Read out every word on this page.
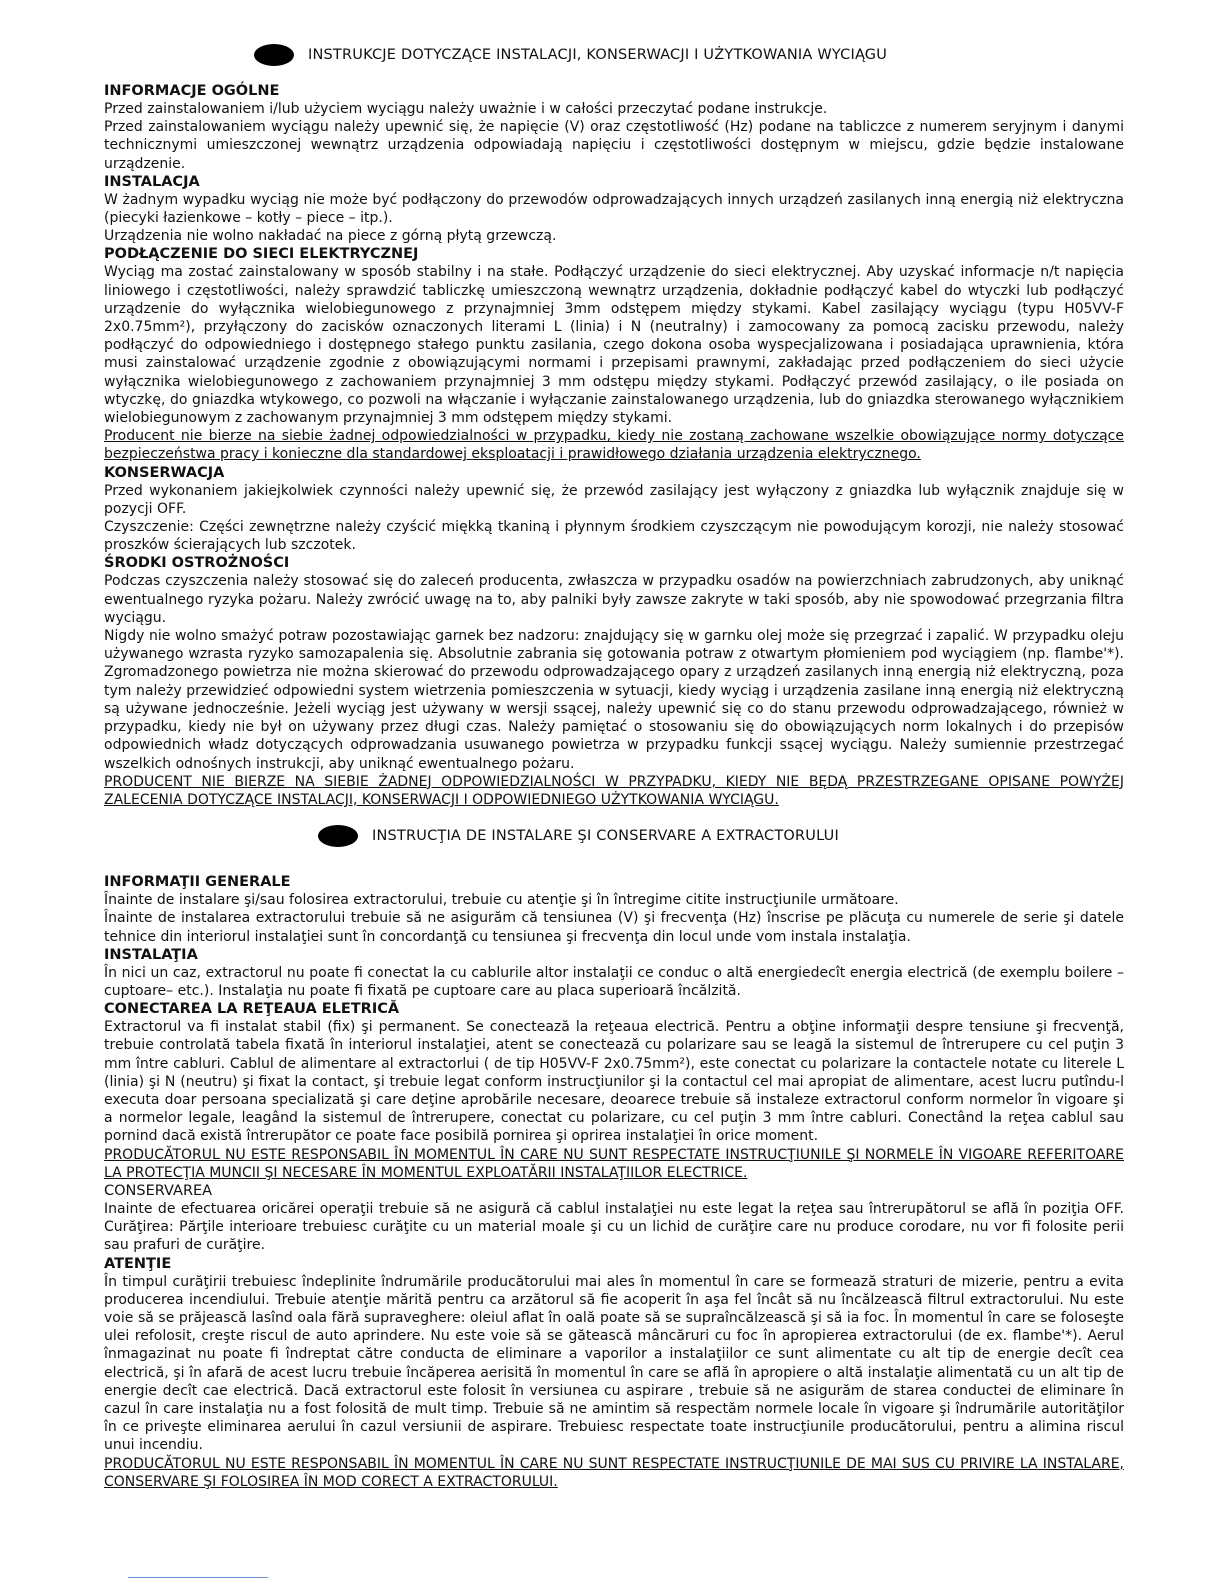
INSTRUKCJE DOTYCZĄCE INSTALACJI, KONSERWACJI I UŻYTKOWANIA WYCIĄGU
INFORMACJE OGÓLNE

Przed zainstalowaniem i/lub użyciem wyciągu należy uważnie i w całości przeczytać podane instrukcje.

Przed zainstalowaniem wyciągu należy upewnić się, że napięcie (V) oraz częstotliwość (Hz) podane na tabliczce z numerem seryjnym i danymi technicznymi umieszczonej wewnątrz urządzenia odpowiadają napięciu i częstotliwości dostępnym w miejscu, gdzie będzie instalowane urządzenie.

INSTALACJA

W żadnym wypadku wyciąg nie może być podłączony do przewodów odprowadzających innych urządzeń zasilanych inną energią niż elektryczna (piecyki łazienkowe – kotły – piece – itp.).

Urządzenia nie wolno nakładać na piece z górną płytą grzewczą.

PODŁĄCZENIE DO SIECI ELEKTRYCZNEJ

Wyciąg ma zostać zainstalowany w sposób stabilny i na stałe. Podłączyć urządzenie do sieci elektrycznej. Aby uzyskać informacje n/t napięcia liniowego i częstotliwości, należy sprawdzić tabliczkę umieszczoną wewnątrz urządzenia, dokładnie podłączyć kabel do wtyczki lub podłączyć urządzenie do wyłącznika wielobiegunowego z przynajmniej 3mm odstępem między stykami. Kabel zasilający wyciągu (typu H05VV-F 2x0.75mm²), przyłączony do zacisków oznaczonych literami L (linia) i N (neutralny) i zamocowany za pomocą zacisku przewodu, należy podłączyć do odpowiedniego i dostępnego stałego punktu zasilania, czego dokona osoba wyspecjalizowana i posiadająca uprawnienia, która musi zainstalować urządzenie zgodnie z obowiązującymi normami i przepisami prawnymi, zakładając przed podłączeniem do sieci użycie wyłącznika wielobiegunowego z zachowaniem przynajmniej 3 mm odstępu między stykami. Podłączyć przewód zasilający, o ile posiada on wtyczkę, do gniazdka wtykowego, co pozwoli na włączanie i wyłączanie zainstalowanego urządzenia, lub do gniazdka sterowanego wyłącznikiem wielobiegunowym z zachowanym przynajmniej 3 mm odstępem między stykami.

Producent nie bierze na siebie żadnej odpowiedzialności w przypadku, kiedy nie zostaną zachowane wszelkie obowiązujące normy dotyczące bezpieczeństwa pracy i konieczne dla standardowej eksploatacji i prawidłowego działania urządzenia elektrycznego.

KONSERWACJA

Przed wykonaniem jakiejkolwiek czynności należy upewnić się, że przewód zasilający jest wyłączony z gniazdka lub wyłącznik znajduje się w pozycji OFF.

Czyszczenie: Części zewnętrzne należy czyścić miękką tkaniną i płynnym środkiem czyszczącym nie powodującym korozji, nie należy stosować proszków ścierających lub szczotek.

ŚRODKI OSTROŻNOŚCI

Podczas czyszczenia należy stosować się do zaleceń producenta, zwłaszcza w przypadku osadów na powierzchniach zabrudzonych, aby uniknąć ewentualnego ryzyka pożaru. Należy zwrócić uwagę na to, aby palniki były zawsze zakryte w taki sposób, aby nie spowodować przegrzania filtra wyciągu.

Nigdy nie wolno smażyć potraw pozostawiając garnek bez nadzoru: znajdujący się w garnku olej może się przegrzać i zapalić. W przypadku oleju używanego wzrasta ryzyko samozapalenia się. Absolutnie zabrania się gotowania potraw z otwartym płomieniem pod wyciągiem (np. flambe'*). Zgromadzonego powietrza nie można skierować do przewodu odprowadzającego opary z urządzeń zasilanych inną energią niż elektryczną, poza tym należy przewidzieć odpowiedni system wietrzenia pomieszczenia w sytuacji, kiedy wyciąg i urządzenia zasilane inną energią niż elektryczną są używane jednocześnie. Jeżeli wyciąg jest używany w wersji ssącej, należy upewnić się co do stanu przewodu odprowadzającego, również w przypadku, kiedy nie był on używany przez długi czas. Należy pamiętać o stosowaniu się do obowiązujących norm lokalnych i do przepisów odpowiednich władz dotyczących odprowadzania usuwanego powietrza w przypadku funkcji ssącej wyciągu. Należy sumiennie przestrzegać wszelkich odnośnych instrukcji, aby uniknąć ewentualnego pożaru.

PRODUCENT NIE BIERZE NA SIEBIE ŻADNEJ ODPOWIEDZIALNOŚCI W PRZYPADKU, KIEDY NIE BĘDĄ PRZESTRZEGANE OPISANE POWYŻEJ ZALECENIA DOTYCZĄCE INSTALACJI, KONSERWACJI I ODPOWIEDNIEGO UŻYTKOWANIA WYCIĄGU.

INSTRUCŢIA DE INSTALARE ŞI CONSERVARE A EXTRACTORULUI
INFORMAŢII GENERALE

Înainte de instalare şi/sau folosirea extractorului, trebuie cu atenţie şi în întregime citite instrucţiunile următoare.

Înainte de instalarea extractorului trebuie să ne asigurăm că tensiunea (V) şi frecvenţa (Hz) înscrise pe plăcuţa cu numerele de serie şi datele tehnice din interiorul instalaţiei sunt în concordanţă cu tensiunea şi frecvenţa din locul unde vom instala instalaţia.

INSTALAŢIA

În nici un caz, extractorul nu poate fi conectat la cu cablurile altor instalaţii ce conduc o altă energiedecît energia electrică (de exemplu boilere – cuptoare– etc.). Instalaţia nu poate fi fixată pe cuptoare care au placa superioară încălzită.

CONECTAREA LA REŢEAUA ELETRICĂ

Extractorul va fi instalat stabil (fix) şi permanent. Se conectează la reţeaua electrică. Pentru a obţine informaţii despre tensiune şi frecvenţă, trebuie controlată tabela fixată în interiorul instalaţiei, atent se conectează cu polarizare sau se leagă la sistemul de întrerupere cu cel puţin 3 mm între cabluri. Cablul de alimentare al extractorlui ( de tip H05VV-F 2x0.75mm²), este conectat cu polarizare la contactele notate cu literele L (linia) şi N (neutru) şi fixat la contact, şi trebuie legat conform instrucţiunilor şi la contactul cel mai apropiat de alimentare, acest lucru putîndu-l executa doar persoana specializată şi care deţine aprobările necesare, deoarece trebuie să instaleze extractorul conform normelor în vigoare şi a normelor legale, leagând la sistemul de întrerupere, conectat cu polarizare, cu cel puţin 3 mm între cabluri. Conectând la reţea cablul sau pornind dacă există întrerupător ce poate face posibilă pornirea şi oprirea instalaţiei în orice moment.

PRODUCĂTORUL NU ESTE RESPONSABIL ÎN MOMENTUL ÎN CARE NU SUNT RESPECTATE INSTRUCŢIUNILE ŞI NORMELE ÎN VIGOARE REFERITOARE LA PROTECŢIA MUNCII ŞI NECESARE ÎN MOMENTUL EXPLOATĂRII INSTALAŢIILOR ELECTRICE.

CONSERVAREA

Inainte de efectuarea oricărei operaţii trebuie să ne asigură că cablul instalaţiei nu este legat la reţea sau întrerupătorul se află în poziţia OFF. Curăţirea: Părţile interioare trebuiesc curăţite cu un material moale şi cu un lichid de curăţire care nu produce corodare, nu vor fi folosite perii sau prafuri de curăţire.

ATENŢIE

În timpul curăţirii trebuiesc îndeplinite îndrumările producătorului mai ales în momentul în care se formează straturi de mizerie, pentru a evita producerea incendiului. Trebuie atenţie mărită pentru ca arzătorul să fie acoperit în aşa fel încât să nu încălzească filtrul extractorului. Nu este voie să se prăjească lasînd oala fără supraveghere: oleiul aflat în oală poate să se supraîncălzească şi să ia foc. În momentul în care se foloseşte ulei refolosit, creşte riscul de auto aprindere. Nu este voie să se gătească mâncăruri cu foc în apropierea extractorului (de ex. flambe'*). Aerul înmagazinat nu poate fi îndreptat către conducta de eliminare a vaporilor a instalaţiilor ce sunt alimentate cu alt tip de energie decît cea electrică, şi în afară de acest lucru trebuie încăperea aerisită în momentul în care se află în apropiere o altă instalaţie alimentată cu un alt tip de energie decît cae electrică. Dacă extractorul este folosit în versiunea cu aspirare , trebuie să ne asigurăm de starea conductei de eliminare în cazul în care instalaţia nu a fost folosită de mult timp. Trebuie să ne amintim să respectăm normele locale în vigoare şi îndrumările autorităţilor în ce priveşte eliminarea aerului în cazul versiunii de aspirare. Trebuiesc respectate toate instrucţiunile producătorului, pentru a alimina riscul unui incendiu.

PRODUCĂTORUL NU ESTE RESPONSABIL ÎN MOMENTUL ÎN CARE NU SUNT RESPECTATE INSTRUCŢIUNILE DE MAI SUS CU PRIVIRE LA INSTALARE, CONSERVARE ŞI FOLOSIREA ÎN MOD CORECT A EXTRACTORULUI.
